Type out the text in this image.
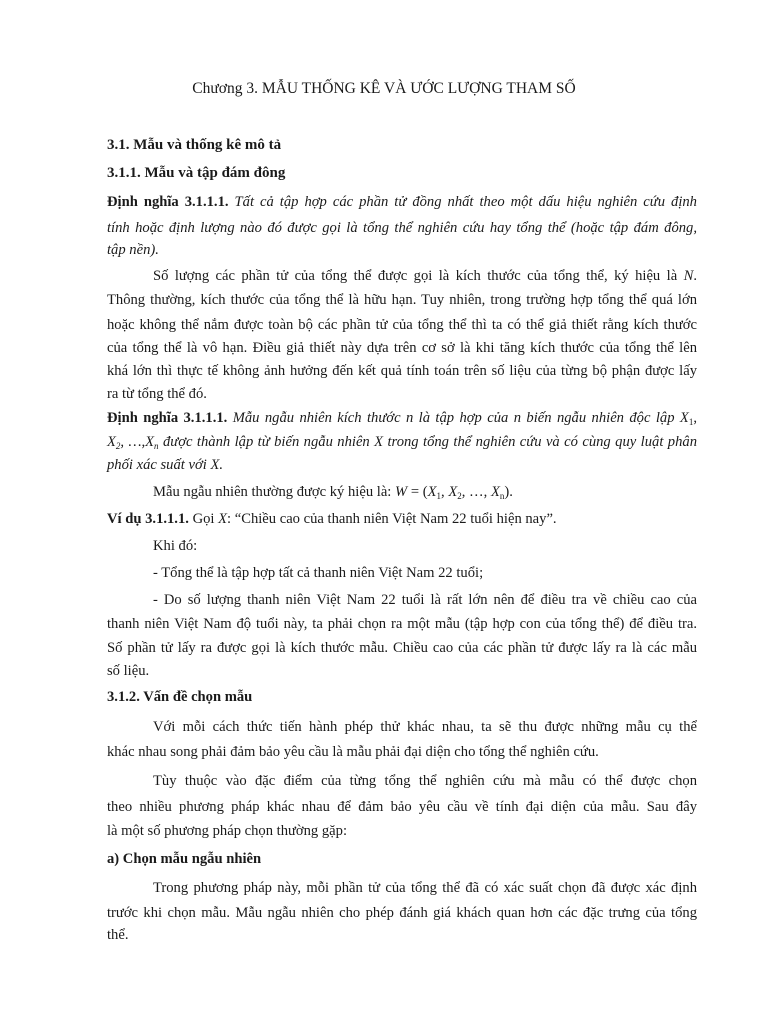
Chương 3. MẪU THỐNG KÊ VÀ ƯỚC LƯỢNG THAM SỐ
3.1. Mẫu và thống kê mô tả
3.1.1. Mẫu và tập đám đông
Định nghĩa 3.1.1.1. Tất cả tập hợp các phần tử đồng nhất theo một dấu hiệu nghiên cứu định
tính hoặc định lượng nào đó được gọi là tổng thể nghiên cứu hay tổng thể (hoặc tập đám đông,
tập nền).
Số lượng các phần tử của tổng thể được gọi là kích thước của tổng thể, ký hiệu là N.
Thông thường, kích thước của tổng thể là hữu hạn. Tuy nhiên, trong trường hợp tổng thể quá lớn
hoặc không thể nắm được toàn bộ các phần tử của tổng thể thì ta có thể giả thiết rằng kích thước
của tổng thể là vô hạn. Điều giả thiết này dựa trên cơ sở là khi tăng kích thước của tổng thể lên
khá lớn thì thực tế không ảnh hưởng đến kết quả tính toán trên số liệu của từng bộ phận được lấy
ra từ tổng thể đó.
Định nghĩa 3.1.1.1. Mẫu ngẫu nhiên kích thước n là tập hợp của n biến ngẫu nhiên độc lập $X_1$,
$X_2$, $\dots,X_n$ được thành lập từ biến ngẫu nhiên X trong tổng thể nghiên cứu và có cùng quy luật phân
phối xác suất với X.
Mẫu ngẫu nhiên thường được ký hiệu là: $W = (X_1$, $X_2$, …, $X_n$).
Ví dụ 3.1.1.1. Gọi X: “Chiều cao của thanh niên Việt Nam 22 tuổi hiện nay”.
Khi đó:
- Tổng thể là tập hợp tất cả thanh niên Việt Nam 22 tuổi;
- Do số lượng thanh niên Việt Nam 22 tuổi là rất lớn nên để điều tra về chiều cao của
thanh niên Việt Nam độ tuổi này, ta phải chọn ra một mẫu (tập hợp con của tổng thể) để điều tra.
Số phần tử lấy ra được gọi là kích thước mẫu. Chiều cao của các phần tử được lấy ra là các mẫu
số liệu.
3.1.2. Vấn đề chọn mẫu
Với mỗi cách thức tiến hành phép thử khác nhau, ta sẽ thu được những mẫu cụ thể
khác nhau song phải đảm bảo yêu cầu là mẫu phải đại diện cho tổng thể nghiên cứu.
Tùy thuộc vào đặc điểm của từng tổng thể nghiên cứu mà mẫu có thể được chọn
theo nhiều phương pháp khác nhau để đảm bảo yêu cầu về tính đại diện của mẫu. Sau đây
là một số phương pháp chọn thường gặp:
a) Chọn mẫu ngẫu nhiên
Trong phương pháp này, mỗi phần tử của tổng thể đã có xác suất chọn đã được xác định
trước khi chọn mẫu. Mẫu ngẫu nhiên cho phép đánh giá khách quan hơn các đặc trưng của tổng
thể.
